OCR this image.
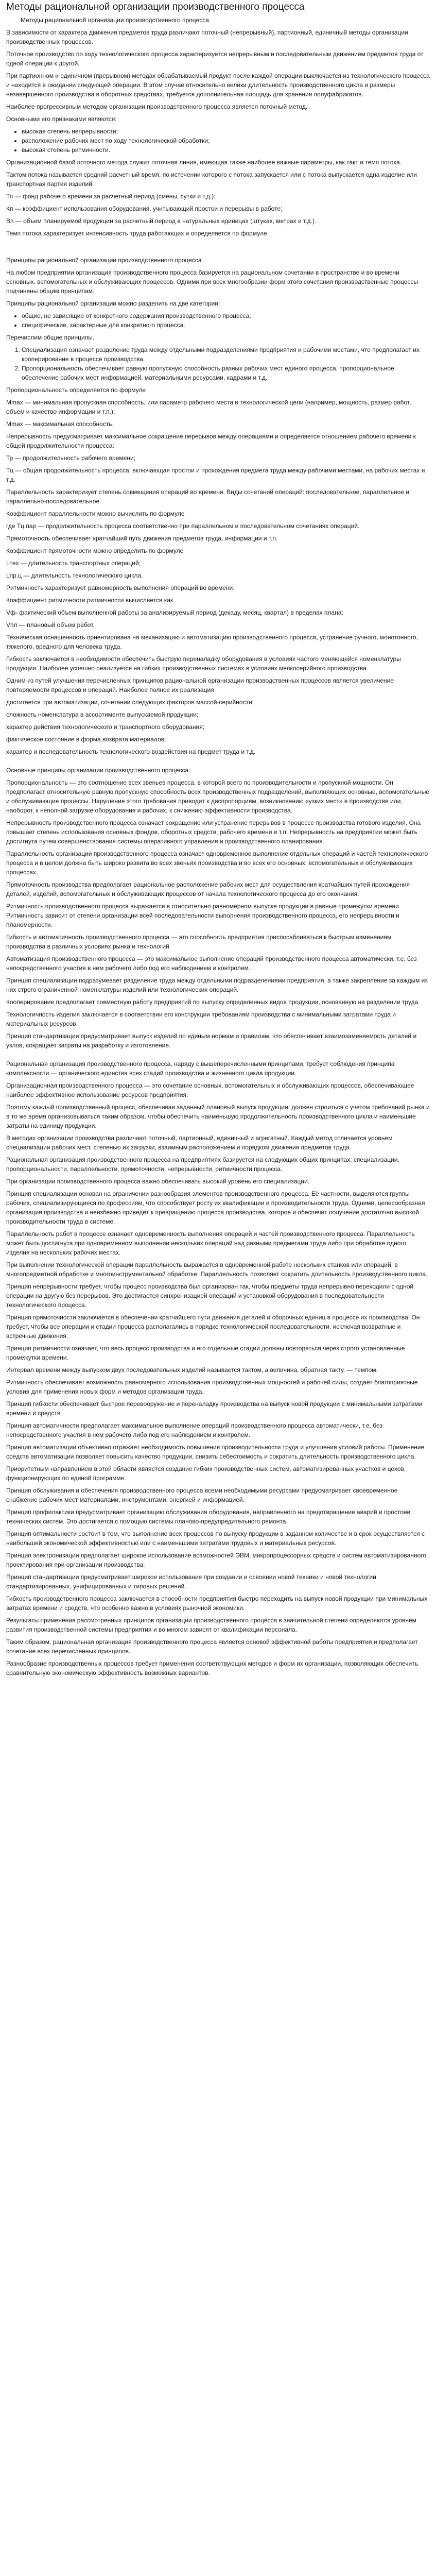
Методы рациональной организации производственного процесса

Методы рациональной организации производственного процесса

В зависимости от характера движения предметов труда различают поточный (непрерывный), партионный, единичный методы организации производственных процессов.

Поточное производство по ходу технологического процесса характеризуется непрерывным и последовательным движением предметов труда от одной операции к другой.

При партионном и единичном (прерывном) методах обрабатываемый продукт после каждой операции выключается из технологического процесса и находится в ожидании следующей операции. В этом случае относительно велики длительность производственного цикла и размеры незавершенного производства в оборотных средствах, требуется дополнительная площадь для хранения полуфабрикатов.

Наиболее прогрессивным методом организации производственного процесса является поточный метод.

Основными его признаками являются:

• высокая степень непрерывности;
• расположение рабочих мест по ходу технологической обработки;
• высокая степень ритмичности.

Организационной базой поточного метода служит поточная линия, имеющая также наиболее важные параметры, как такт и темп потока.

Тактом потока называется средний расчетный время, по истечении которого с потока запускается или с потока выпускается одна изделие или транспортная партия изделий.

Тп — фонд рабочего времени за расчетный период (смены, сутки и т.д.);

Кп — коэффициент использования оборудования, учитывающий простои и перерывы в работе;

Вп — объем планируемой продукции за расчетный период в натуральных единицах (штуках, метрах и т.д.).

Темп потока характеризует интенсивность труда работающих и определяется по формуле

Принципы рациональной организации производственного процесса

На любом предприятии организация производственного процесса базируется на рациональном сочетании в пространстве и во времени основных, вспомогательных и обслуживающих процессов. Одними при всех многообразии форм этого сочетания производственные процессы подчинены общим принципам.

Принципы рациональной организации можно разделить на две категории:

• общие, не зависящие от конкретного содержания производственного процесса;
• специфические, характерные для конкретного процесса.

Перечислим общие принципы.

1. Специализация означает разделение труда между отдельными подразделениями предприятия и рабочими местами, что предполагает их кооперирование в процессе производства.
2. Пропорциональность обеспечивает равную пропускную способность разных рабочих мест единого процесса, пропорциональное обеспечение рабочих мест информацией, материальными ресурсами, кадрами и т.д.

Пропорциональность определяется по формуле

Mmax — минимальная пропускная способность, или параметр рабочего места в технологической цепи (например, мощность, размер работ, объем и качество информации и т.п.);

Mmax — максимальная способность.

Непрерывность предусматривает максимальное сокращение перерывов между операциями и определяется отношением рабочего времени к общей продолжительности процесса:

Тр — продолжительность рабочего времени;

Тц — общая продолжительность процесса, включающая простои и прохождения предмета труда между рабочими местами, на рабочих местах и т.д.

Параллельность характеризует степень совмещения операций во времени. Виды сочетаний операций: последовательное, параллельное и параллельно-последовательное.

Коэффициент параллельности можно вычислить по формуле

где Тц.пар — продолжительность процесса соответственно при параллельном и последовательном сочетаниях операций.

Прямоточность обеспечивает кратчайший путь движения предметов труда, информации и т.п.

Коэффициент прямоточности можно определить по формуле

Lтех — длительность транспортных операций;

Lпр.ц — длительность технологического цикла.

Ритмичность характеризует равномерность выполнения операций во времени.

Коэффициент ритмичности ритмичности вычисляется как

Vф- фактический объем выполненной работы за анализируемый период (декаду, месяц, квартал) в пределах плана;

Vпл — плановый объем работ.

Техническая оснащенность ориентирована на механизацию и автоматизацию производственного процесса, устранение ручного, монотонного, тяжелого, вредного для человека труда.

Гибкость заключается в необходимости обеспечить быструю переналадку оборудования в условиях частого меняющейся номенклатуры продукции. Наиболее успешно реализуется на гибких производственных системах в условиях мелкосерийного производства.

Одним из путей улучшения перечисленных принципов рациональной организации производственных процессов является увеличение повторяемости процессов и операций. Наиболее полное их реализация

достигается при автоматизации, сочетании следующих факторов массой-серийности:

сложность номенклатура в ассортименте выпускаемой продукции;

характер действия технологического и транспортного оборудования;

фактическое состояние в форма возврата материалов;

характер и последовательность технологического воздействия на предмет труда и т.д.

Основные принципы организации производственного процесса

Пропорциональность — это соотношение всех звеньев процесса, в которой всего по производительности и пропускной мощности. Он предполагает относительную равную пропускную способность всех производственных подразделений, выполняющих основные, вспомогательные и обслуживающие процессы. Нарушение этого требования приводит к диспропорциям, возникновению «узких мест» в производстве или, наоборот, к неполной загрузке оборудования и рабочих, к снижению эффективности производства.

Непрерывность производственного процесса означает сокращение или устранение перерывов в процессе производства готового изделия. Она повышает степень использования основных фондов, оборотных средств, рабочего времени и т.п. Непрерывность на предприятии может быть достигнута путем совершенствования системы оперативного управления и производственного планирования.

Параллельность организации производственного процесса означает одновременное выполнение отдельных операций и частей технологического процесса и в целом должна быть широко развита во всех звеньях производства и во всех его основных, вспомогательных и обслуживающих процессах.

Прямоточность производства предполагает рациональное расположение рабочих мест для осуществления кратчайших путей прохождения деталей, изделий, вспомогательных и обслуживающих процессов от начала технологического процесса до его окончания.

Ритмичность производственного процесса выражается в относительно равномерном выпуске продукции в равные промежутки времени. Ритмичность зависит от степени организации всей последовательности выполнения производственного процесса, его непрерывности и планомерности.

Гибкость и автоматичность производственного процесса — это способность предприятия приспосабливаться к быстрым изменениям производства в различных условиях рынка и технологий.

Автоматизация производственного процесса — это максимальное выполнение операций производственного процесса автоматически, т.е. без непосредственного участия в нем рабочего либо под его наблюдением и контролем.

Принцип специализации подразумевает разделение труда между отдельными подразделениями предприятия, а также закрепление за каждым из них строго ограниченной номенклатуры изделий или технологических операций.

Кооперирование предполагает совместную работу предприятий по выпуску определенных видов продукции, основанную на разделении труда.

Технологичность изделия заключается в соответствии его конструкции требованиям производства с минимальными затратами труда и материальных ресурсов.

Принцип стандартизации предусматривает выпуск изделий по единым нормам и правилам, что обеспечивает взаимозаменяемость деталей и узлов, сокращает затраты на разработку и изготовление.

Рациональная организация производственного процесса, наряду с вышеперечисленными принципами, требует соблюдения принципа комплексности — органического единства всех стадий производства и жизненного цикла продукции.

Организационная производственного процесса — это сочетание основных, вспомогательных и обслуживающих процессов, обеспечивающее наиболее эффективное использование ресурсов предприятия.

Поэтому каждый производственный процесс, обеспечивая заданный плановый выпуск продукции, должен строиться с учетом требований рынка и в то же время организовываться таким образом, чтобы обеспечить наименьшую продолжительность производственного цикла и наименьшие затраты на единицу продукции.

В методах организации производства различают поточный, партионный, единичный и агрегатный. Каждый метод отличается уровнем специализации рабочих мест, степенью их загрузки, взаимным расположением и порядком движения предметов труда.

Рациональная организация производственного процесса на предприятиях базируется на следующих общих принципах: специализации, пропорциональности, параллельности, прямоточности, непрерывности, ритмичности процесса.

При организации производственного процесса важно обеспечивать высокий уровень его специализации.

Принцип специализации основан на ограничении разнообразия элементов производственного процесса. Её частности, выделяются группы рабочих, специализирующиеся по профессиям, что способствует росту их квалификации и производительности труда. Одними, целесообразная организация производства и неизбежно приведёт к превращению процесса производства, которое и обеспечит получение достаточно высокой производительности труда в системе.

Параллельность работ в процессе означает одновременность выполнения операций и частей производственного процесса. Параллельность может быть достигнута при одновременном выполнении нескольких операций над разными предметами труда либо при обработке одного изделия на нескольких рабочих местах.

При выполнении технологической операции параллельность выражается в одновременной работе нескольких станков или операций, в многопредметной обработке и многоинструментальной обработке. Параллельность позволяет сократить длительность производственного цикла.

Принцип непрерывности требует, чтобы процесс производства был организован так, чтобы предметы труда непрерывно переходили с одной операции на другую без перерывов. Это достигается синхронизацией операций и установкой оборудования в последовательности технологического процесса.

Принцип прямоточности заключается в обеспечении кратчайшего пути движения деталей и сборочных единиц в процессе их производства. Он требует, чтобы все операции и стадии процесса располагались в порядке технологической последовательности, исключая возвратные и встречные движения.

Принцип ритмичности означает, что весь процесс производства и его отдельные стадии должны повторяться через строго установленные промежутки времени.

Интервал времени между выпуском двух последовательных изделий называется тактом, а величина, обратная такту, — темпом.

Ритмичность обеспечивает возможность равномерного использования производственных мощностей и рабочей силы, создает благоприятные условия для применения новых форм и методов организации труда.

Принцип гибкости обеспечивает быстрое перевооружение и переналадку производства на выпуск новой продукции с минимальными затратами времени и средств.

Принцип автоматичности предполагает максимальное выполнение операций производственного процесса автоматически, т.е. без непосредственного участия в нем рабочего либо под его наблюдением и контролем.

Принцип автоматизации объективно отражает необходимость повышения производительности труда и улучшения условий работы. Применение средств автоматизации позволяет повысить качество продукции, снизить себестоимость и сократить длительность производственного цикла.

Приоритетным направлением в этой области является создание гибких производственных систем, автоматизированных участков и цехов, функционирующих по единой программе.

Принцип обслуживания и обеспечения производственного процесса всеми необходимыми ресурсами предусматривает своевременное снабжение рабочих мест материалами, инструментами, энергией и информацией.

Принцип профилактики предусматривает организацию обслуживания оборудования, направленного на предотвращение аварий и простоев технических систем. Это достигается с помощью системы планово-предупредительного ремонта.

Принцип оптимальности состоит в том, что выполнение всех процессов по выпуску продукции в заданном количестве и в срок осуществляется с наибольшей экономической эффективностью или с наименьшими затратами трудовых и материальных ресурсов.

Принцип электронизации предполагает широкое использование возможностей ЭВМ, микропроцессорных средств и систем автоматизированного проектирования при организации производства.

Принцип стандартизации предусматривает широкое использование при создании и освоении новой техники и новой технологии стандартизированных, унифицированных и типовых решений.

Гибкость производственного процесса заключается в способности предприятия быстро переходить на выпуск новой продукции при минимальных затратах времени и средств, что особенно важно в условиях рыночной экономики.

Результаты применения рассмотренных принципов организации производственного процесса в значительной степени определяются уровнем развития производственной системы предприятия и во многом зависят от квалификации персонала.

Таким образом, рациональная организация производственного процесса является основой эффективной работы предприятия и предполагает сочетание всех перечисленных принципов.

Разнообразие производственных процессов требует применения соответствующих методов и форм их организации, позволяющих обеспечить сравнительную экономическую эффективность возможных вариантов.
